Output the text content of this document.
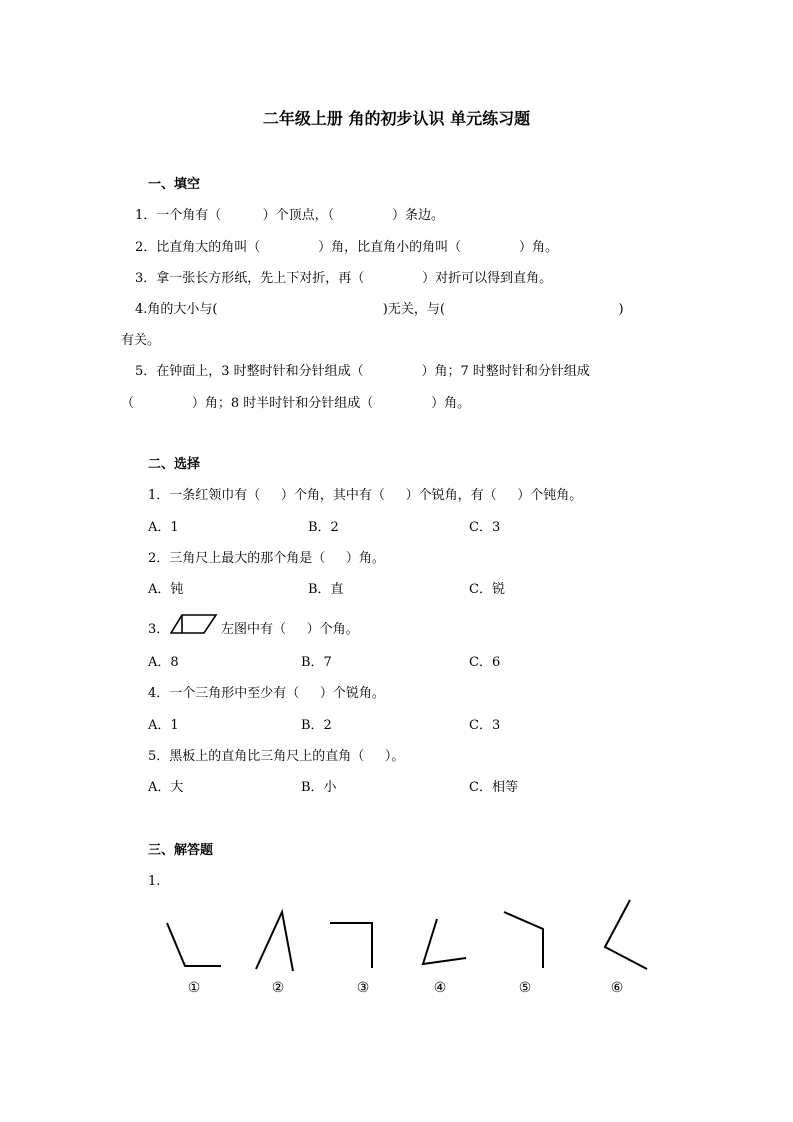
二年级上册 角的初步认识 单元练习题
一、填空
1．一个角有（          ）个顶点，（              ）条边。
2．比直角大的角叫（              ）角，比直角小的角叫（              ）角。
3．拿一张长方形纸，先上下对折，再（              ）对折可以得到直角。
4.角的大小与(                                        )无关，与(                                          )
有关。
5．在钟面上，3 时整时针和分针组成（              ）角；7 时整时针和分针组成
（              ）角；8 时半时针和分针组成（              ）角。
二、选择
1．一条红领巾有（     ）个角，其中有（     ）个锐角，有（     ）个钝角。
A．1	B．2	C．3
2．三角尺上最大的那个角是（     ）角。
A．钝	B．直	C．锐
3．	左图中有（     ）个角。
A．8	B．7	C．6
4．一个三角形中至少有（     ）个锐角。
A．1	B．2	C．3
5．黑板上的直角比三角尺上的直角（     ）。
A．大	B．小	C．相等
三、解答题
1.
①	②	③	④	⑤	⑥
